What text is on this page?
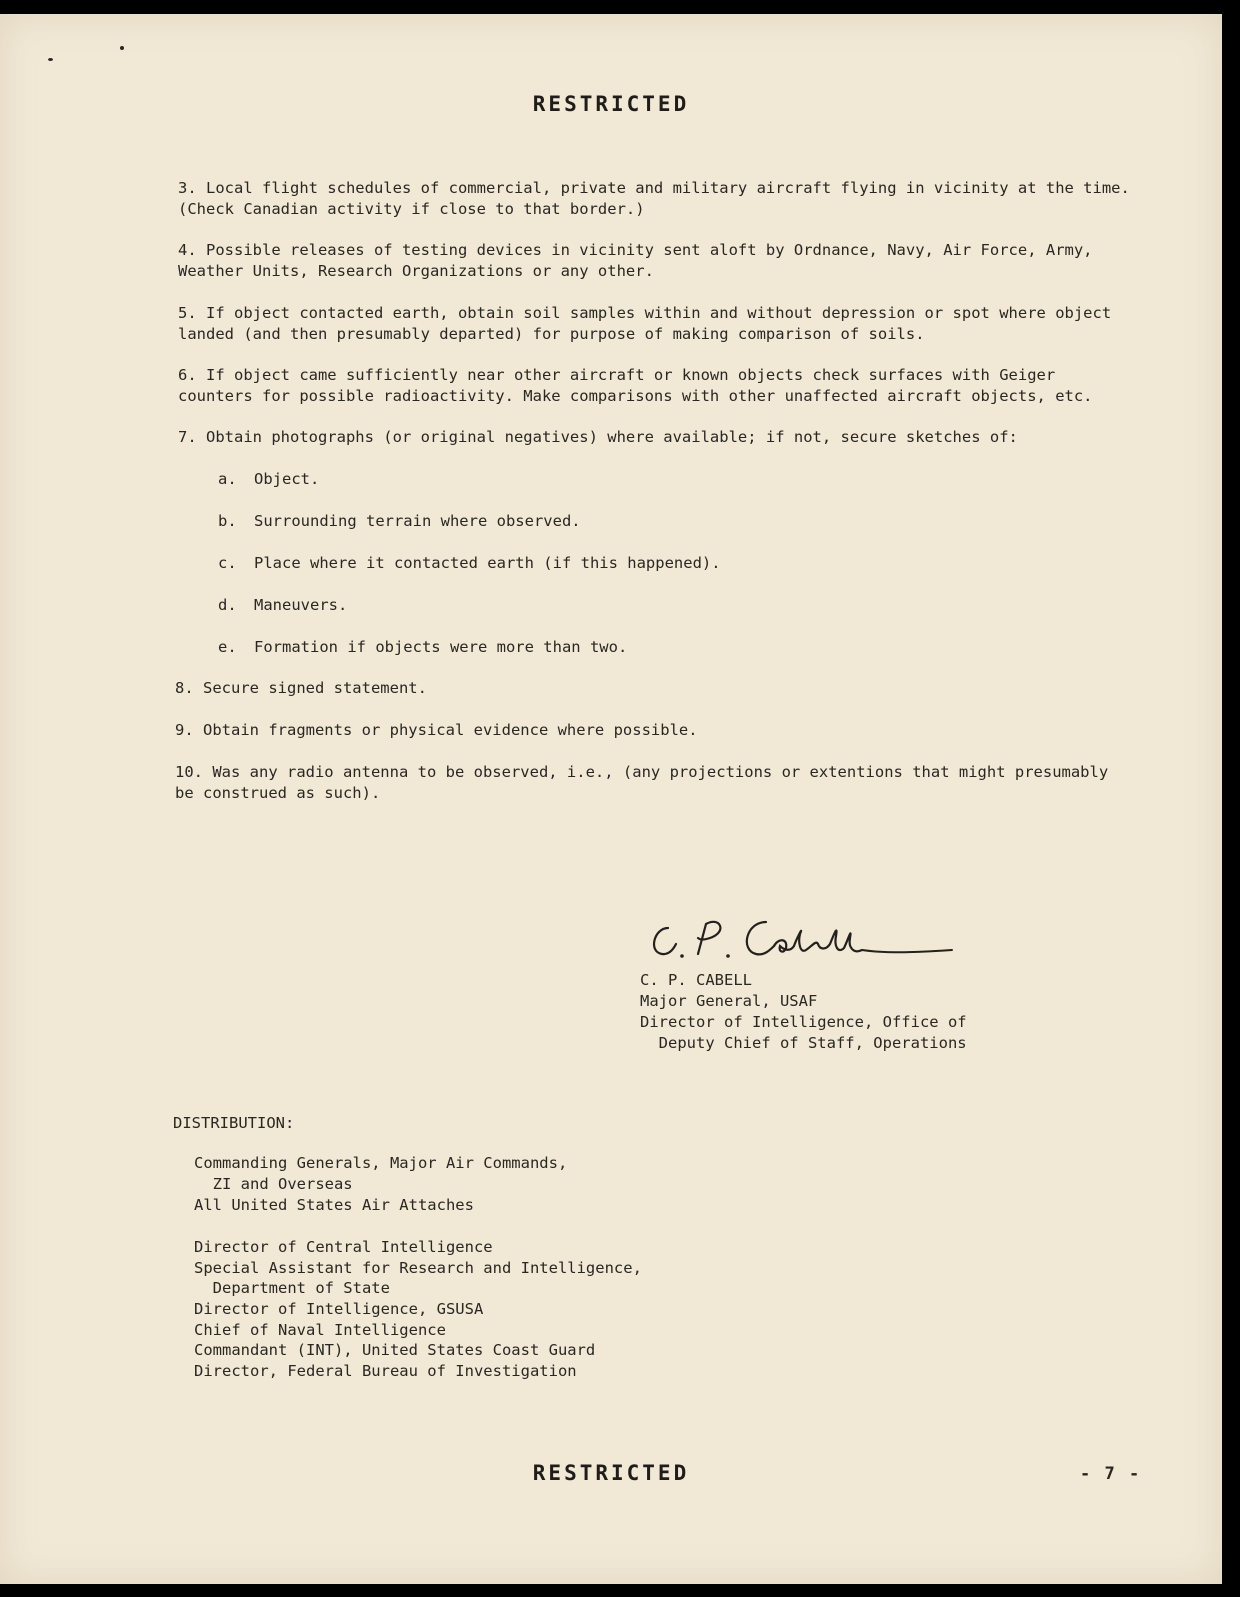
RESTRICTED

3. Local flight schedules of commercial, private and military aircraft flying in vicinity at the time. (Check Canadian activity if close to that border.)

4. Possible releases of testing devices in vicinity sent aloft by Ordnance, Navy, Air Force, Army, Weather Units, Research Organizations or any other.

5. If object contacted earth, obtain soil samples within and without depression or spot where object landed (and then presumably departed) for purpose of making comparison of soils.

6. If object came sufficiently near other aircraft or known objects check surfaces with Geiger counters for possible radioactivity. Make comparisons with other unaffected aircraft objects, etc.

7. Obtain photographs (or original negatives) where available; if not, secure sketches of:

a. Object.
b. Surrounding terrain where observed.
c. Place where it contacted earth (if this happened).
d. Maneuvers.
e. Formation if objects were more than two.

8. Secure signed statement.

9. Obtain fragments or physical evidence where possible.

10. Was any radio antenna to be observed, i.e., (any projections or extentions that might presumably be construed as such).

C. P. Cabell
C. P. CABELL
Major General, USAF
Director of Intelligence, Office of
Deputy Chief of Staff, Operations
DISTRIBUTION:
Commanding Generals, Major Air Commands,
ZI and Overseas
All United States Air Attaches
Director of Central Intelligence
Special Assistant for Research and Intelligence,
Department of State
Director of Intelligence, GSUSA
Chief of Naval Intelligence
Commandant (INT), United States Coast Guard
Director, Federal Bureau of Investigation
RESTRICTED	- 7 -
